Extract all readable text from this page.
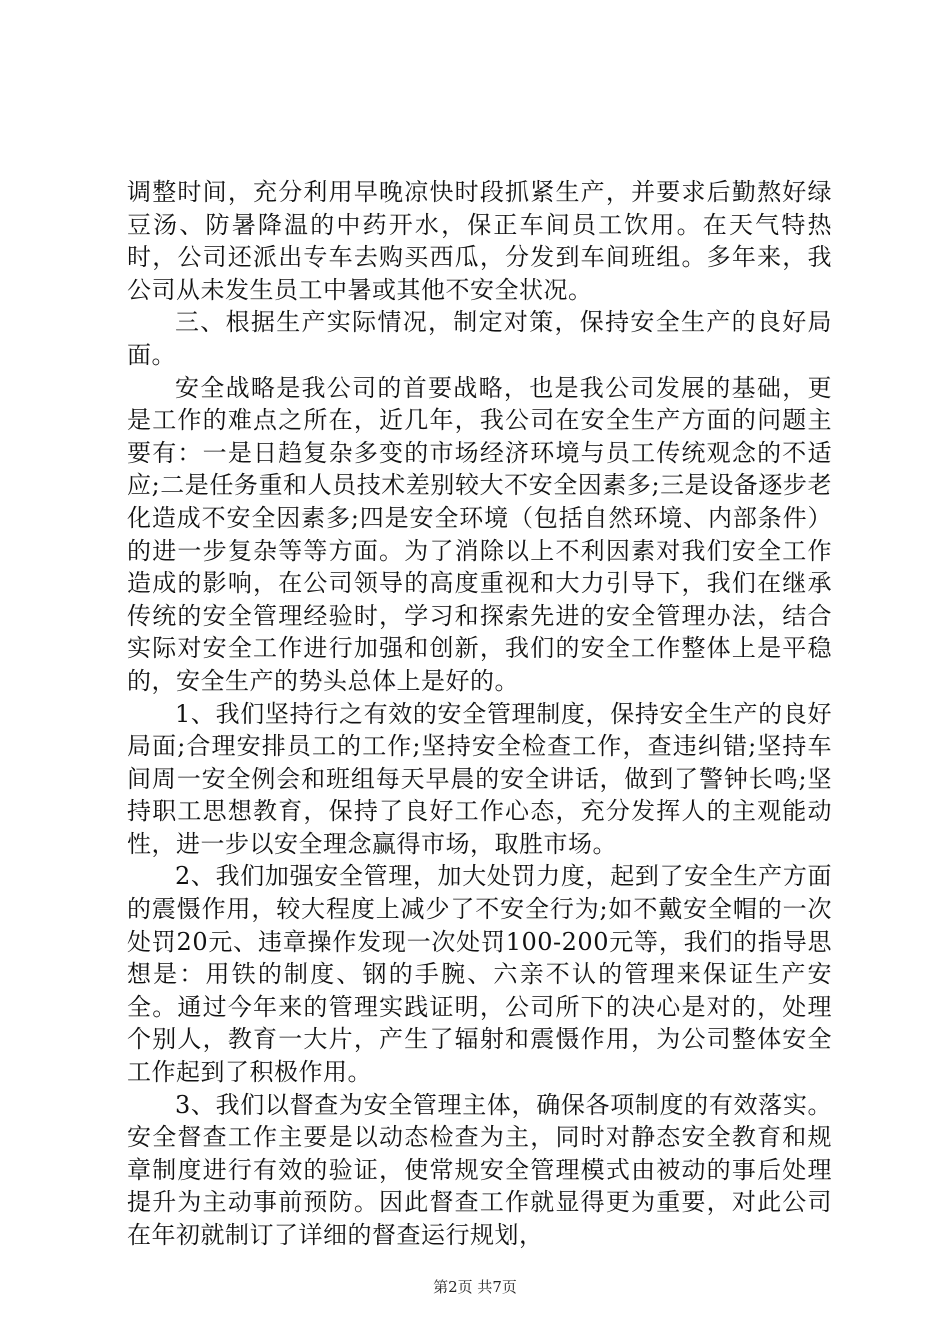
调整时间，充分利用早晚凉快时段抓紧生产，并要求后勤熬好绿豆汤、防暑降温的中药开水，保正车间员工饮用。在天气特热时，公司还派出专车去购买西瓜，分发到车间班组。多年来，我公司从未发生员工中暑或其他不安全状况。

三、根据生产实际情况，制定对策，保持安全生产的良好局面。

安全战略是我公司的首要战略，也是我公司发展的基础，更是工作的难点之所在，近几年，我公司在安全生产方面的问题主要有：一是日趋复杂多变的市场经济环境与员工传统观念的不适应;二是任务重和人员技术差别较大不安全因素多;三是设备逐步老化造成不安全因素多;四是安全环境（包括自然环境、内部条件）的进一步复杂等等方面。为了消除以上不利因素对我们安全工作造成的影响，在公司领导的高度重视和大力引导下，我们在继承传统的安全管理经验时，学习和探索先进的安全管理办法，结合实际对安全工作进行加强和创新，我们的安全工作整体上是平稳的，安全生产的势头总体上是好的。

1、我们坚持行之有效的安全管理制度，保持安全生产的良好局面;合理安排员工的工作;坚持安全检查工作，查违纠错;坚持车间周一安全例会和班组每天早晨的安全讲话，做到了警钟长鸣;坚持职工思想教育，保持了良好工作心态，充分发挥人的主观能动性，进一步以安全理念赢得市场，取胜市场。

2、我们加强安全管理，加大处罚力度，起到了安全生产方面的震慑作用，较大程度上减少了不安全行为;如不戴安全帽的一次处罚20元、违章操作发现一次处罚100-200元等，我们的指导思想是：用铁的制度、钢的手腕、六亲不认的管理来保证生产安全。通过今年来的管理实践证明，公司所下的决心是对的，处理个别人，教育一大片，产生了辐射和震慑作用，为公司整体安全工作起到了积极作用。

3、我们以督查为安全管理主体，确保各项制度的有效落实。安全督查工作主要是以动态检查为主，同时对静态安全教育和规章制度进行有效的验证，使常规安全管理模式由被动的事后处理提升为主动事前预防。因此督查工作就显得更为重要，对此公司在年初就制订了详细的督查运行规划，

第2页 共7页
